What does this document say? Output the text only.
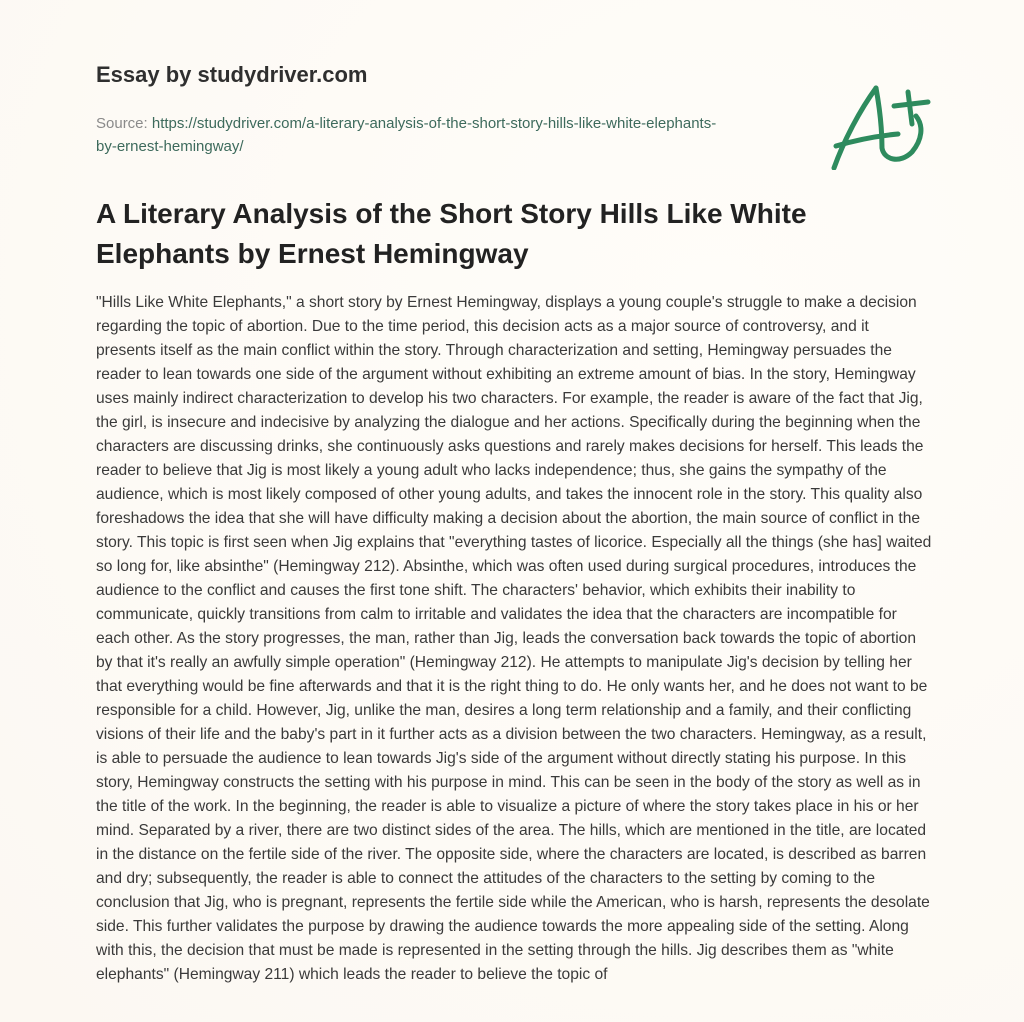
Essay by studydriver.com
Source: https://studydriver.com/a-literary-analysis-of-the-short-story-hills-like-white-elephants-by-ernest-hemingway/
A Literary Analysis of the Short Story Hills Like White Elephants by Ernest Hemingway

"Hills Like White Elephants," a short story by Ernest Hemingway, displays a young couple's struggle to make a decision regarding the topic of abortion. Due to the time period, this decision acts as a major source of controversy, and it presents itself as the main conflict within the story. Through characterization and setting, Hemingway persuades the reader to lean towards one side of the argument without exhibiting an extreme amount of bias. In the story, Hemingway uses mainly indirect characterization to develop his two characters. For example, the reader is aware of the fact that Jig, the girl, is insecure and indecisive by analyzing the dialogue and her actions. Specifically during the beginning when the characters are discussing drinks, she continuously asks questions and rarely makes decisions for herself. This leads the reader to believe that Jig is most likely a young adult who lacks independence; thus, she gains the sympathy of the audience, which is most likely composed of other young adults, and takes the innocent role in the story. This quality also foreshadows the idea that she will have difficulty making a decision about the abortion, the main source of conflict in the story. This topic is first seen when Jig explains that "everything tastes of licorice. Especially all the things (she has] waited so long for, like absinthe" (Hemingway 212). Absinthe, which was often used during surgical procedures, introduces the audience to the conflict and causes the first tone shift. The characters' behavior, which exhibits their inability to communicate, quickly transitions from calm to irritable and validates the idea that the characters are incompatible for each other. As the story progresses, the man, rather than Jig, leads the conversation back towards the topic of abortion by that it's really an awfully simple operation" (Hemingway 212). He attempts to manipulate Jig's decision by telling her that everything would be fine afterwards and that it is the right thing to do. He only wants her, and he does not want to be responsible for a child. However, Jig, unlike the man, desires a long term relationship and a family, and their conflicting visions of their life and the baby's part in it further acts as a division between the two characters. Hemingway, as a result, is able to persuade the audience to lean towards Jig's side of the argument without directly stating his purpose. In this story, Hemingway constructs the setting with his purpose in mind. This can be seen in the body of the story as well as in the title of the work. In the beginning, the reader is able to visualize a picture of where the story takes place in his or her mind. Separated by a river, there are two distinct sides of the area. The hills, which are mentioned in the title, are located in the distance on the fertile side of the river. The opposite side, where the characters are located, is described as barren and dry; subsequently, the reader is able to connect the attitudes of the characters to the setting by coming to the conclusion that Jig, who is pregnant, represents the fertile side while the American, who is harsh, represents the desolate side. This further validates the purpose by drawing the audience towards the more appealing side of the setting. Along with this, the decision that must be made is represented in the setting through the hills. Jig describes them as "white elephants" (Hemingway 211) which leads the reader to believe the topic of
